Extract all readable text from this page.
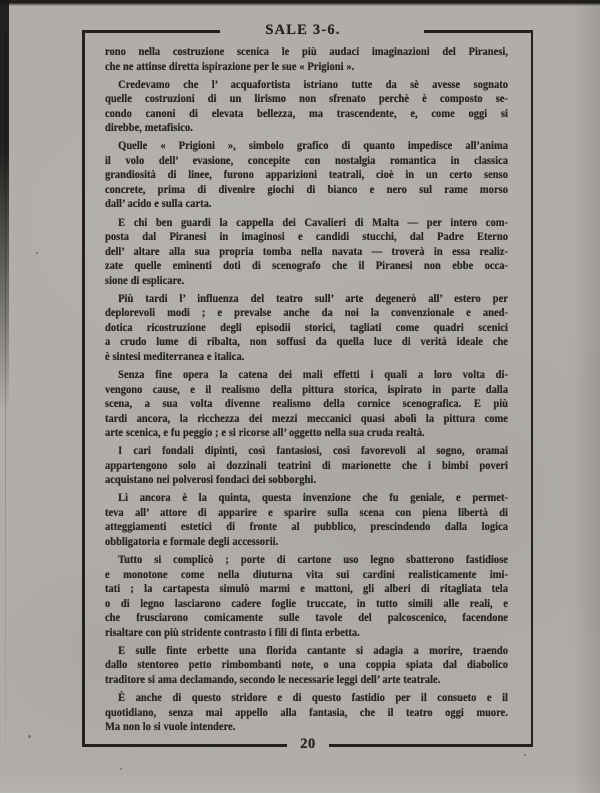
SALE 3-6.
20
rono nella costruzione scenica le più audaci imaginazioni del Piranesi,
che ne attinse diretta ispirazione per le sue « Prigioni ».
Credevamo che l’ acquafortista istriano tutte da sè avesse sognato
quelle costruzioni di un lirismo non sfrenato perchè è composto se-
condo canoni di elevata bellezza, ma trascendente, e, come oggi si
direbbe, metafisico.
Quelle « Prigioni », simbolo grafico di quanto impedisce all’anima
il volo dell’ evasione, concepite con nostalgia romantica in classica
grandiosità di linee, furono apparizioni teatrali, cioè in un certo senso
concrete, prima di divenire giochi di bianco e nero sul rame morso
dall’ acido e sulla carta.
E chi ben guardi la cappella dei Cavalieri di Malta — per intero com-
posta dal Piranesi in imaginosi e candidi stucchi, dal Padre Eterno
dell’ altare alla sua propria tomba nella navata — troverà in essa realiz-
zate quelle eminenti doti di scenografo che il Piranesi non ebbe occa-
sione di esplicare.
Più tardi l’ influenza del teatro sull’ arte degenerò all’ estero per
deplorevoli modi ; e prevalse anche da noi la convenzionale e aned-
dotica ricostruzione degli episodii storici, tagliati come quadri scenici
a crudo lume di ribalta, non soffusi da quella luce di verità ideale che
è sintesi mediterranea e italica.
Senza fine opera la catena dei mali effetti i quali a loro volta di-
vengono cause, e il realismo della pittura storica, ispirato in parte dalla
scena, a sua volta divenne realismo della cornice scenografica. E più
tardi ancora, la ricchezza dei mezzi meccanici quasi abolì la pittura come
arte scenica, e fu peggio ; e si ricorse all’ oggetto nella sua cruda realtà.
I cari fondali dipinti, così fantasiosi, così favorevoli al sogno, oramai
appartengono solo ai dozzinali teatrini di marionette che i bimbi poveri
acquistano nei polverosi fondaci dei sobborghi.
Lì ancora è la quinta, questa invenzione che fu geniale, e permet-
teva all’ attore di apparire e sparire sulla scena con piena libertà di
atteggiamenti estetici di fronte al pubblico, prescindendo dalla logica
obbligatoria e formale degli accessorii.
Tutto si complicò ; porte di cartone uso legno sbatterono fastidiose
e monotone come nella diuturna vita sui cardini realisticamente imi-
tati ; la cartapesta simulò marmi e mattoni, gli alberi di ritagliata tela
o di legno lasciarono cadere foglie truccate, in tutto simili alle reali, e
che frusciarono comicamente sulle tavole del palcoscenico, facendone
risaltare con più stridente contrasto i fili di finta erbetta.
E sulle finte erbette una florida cantante si adagia a morire, traendo
dallo stentoreo petto rimbombanti note, o una coppia spiata dal diabolico
traditore si ama declamando, secondo le necessarie leggi dell’ arte teatrale.
È anche di questo stridore e di questo fastidio per il consueto e il
quotidiano, senza mai appello alla fantasia, che il teatro oggi muore.
Ma non lo si vuole intendere.
